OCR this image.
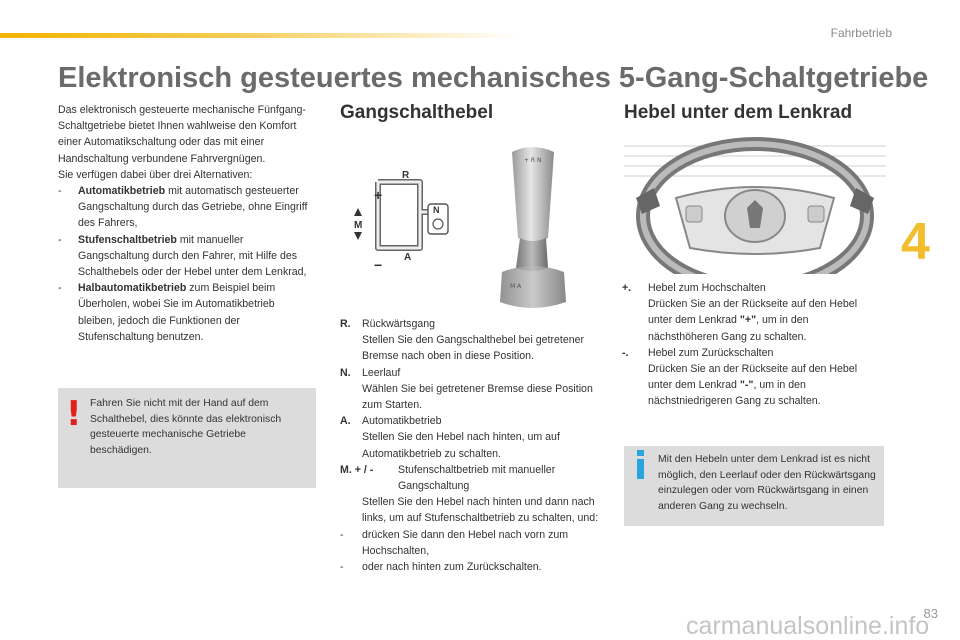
Fahrbetrieb
4
Elektronisch gesteuertes mechanisches 5-Gang-Schaltgetriebe

Das elektronisch gesteuerte mechanische Fünfgang-Schaltgetriebe bietet Ihnen wahlweise den Komfort einer Automatikschaltung oder das mit einer Handschaltung verbundene Fahrvergnügen.

Sie verfügen dabei über drei Alternativen:

- Automatikbetrieb mit automatisch gesteuerter Gangschaltung durch das Getriebe, ohne Eingriff des Fahrers,
- Stufenschaltbetrieb mit manueller Gangschaltung durch den Fahrer, mit Hilfe des Schalthebels oder der Hebel unter dem Lenkrad,
- Halbautomatikbetrieb zum Beispiel beim Überholen, wobei Sie im Automatikbetrieb bleiben, jedoch die Funktionen der Stufenschaltung benutzen.
! Fahren Sie nicht mit der Hand auf dem Schalthebel, dies könnte das elektronisch gesteuerte mechanische Getriebe beschädigen.
Gangschalthebel
R
N
M
A
+
−
+ R N
M A
R. Rückwärtsgang
Stellen Sie den Gangschalthebel bei getretener Bremse nach oben in diese Position.
N. Leerlauf
Wählen Sie bei getretener Bremse diese Position zum Starten.
A. Automatikbetrieb
Stellen Sie den Hebel nach hinten, um auf Automatikbetrieb zu schalten.
M. + / - Stufenschaltbetrieb mit manueller Gangschaltung
Stellen Sie den Hebel nach hinten und dann nach links, um auf Stufenschaltbetrieb zu schalten, und:
- drücken Sie dann den Hebel nach vorn zum Hochschalten,
- oder nach hinten zum Zurückschalten.
Hebel unter dem Lenkrad
+. Hebel zum Hochschalten
Drücken Sie an der Rückseite auf den Hebel unter dem Lenkrad "+", um in den nächsthöheren Gang zu schalten.
-. Hebel zum Zurückschalten
Drücken Sie an der Rückseite auf den Hebel unter dem Lenkrad "-", um in den nächstniedrigeren Gang zu schalten.
Mit den Hebeln unter dem Lenkrad ist es nicht möglich, den Leerlauf oder den Rückwärtsgang einzulegen oder vom Rückwärtsgang in einen anderen Gang zu wechseln.
83
carmanualsonline.info
